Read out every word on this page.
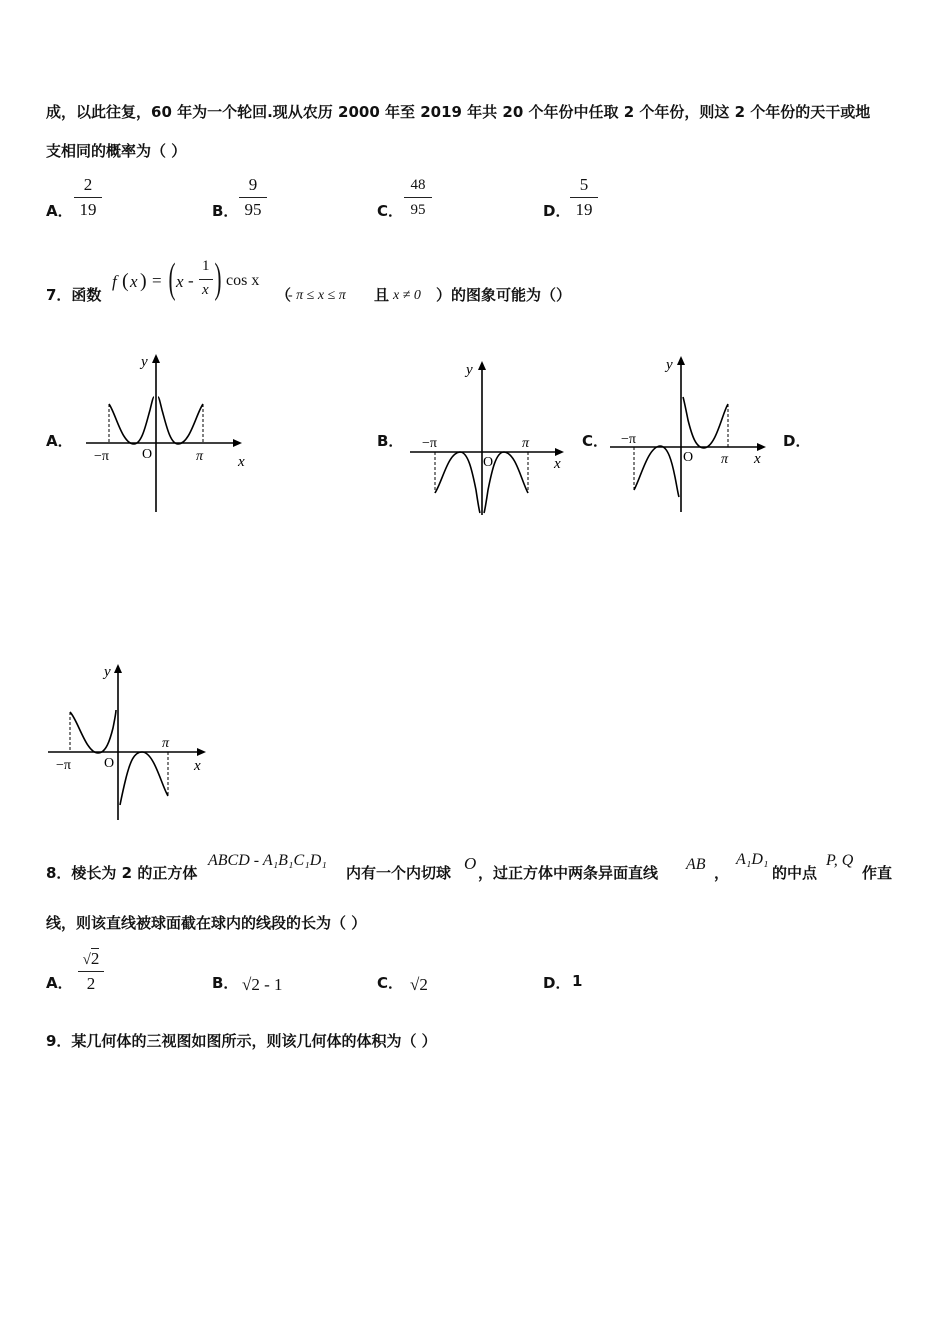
成，以此往复，60 年为一个轮回.现从农历 2000 年至 2019 年共 20 个年份中任取 2 个年份，则这 2 个年份的天干或地
支相同的概率为（ ）
A．
2
19	B．
9
95	C．
48
95	D．
5
19
7．函数
f ( x ) = ( x -
1
x ) cos x
（
- π ≤ x ≤ π 且 x ≠ 0 ）的图象可能为（）
A．	B．	C．	D．
y
−π O	π x
y
−π
O
π
x
y
−π
O π x
y
−π O
π
x
8．棱长为 2 的正方体
ABCD - A₁B₁C₁D₁
内有一个内切球 O ，过正方体中两条异面直线 AB ，
A₁D₁
的中点
P, Q
作直
线，则该直线被球面截在球内的线段的长为（ ）
A．
√2
2	B． √2 - 1	C． √2	D． 1
9．某几何体的三视图如图所示，则该几何体的体积为（ ）
